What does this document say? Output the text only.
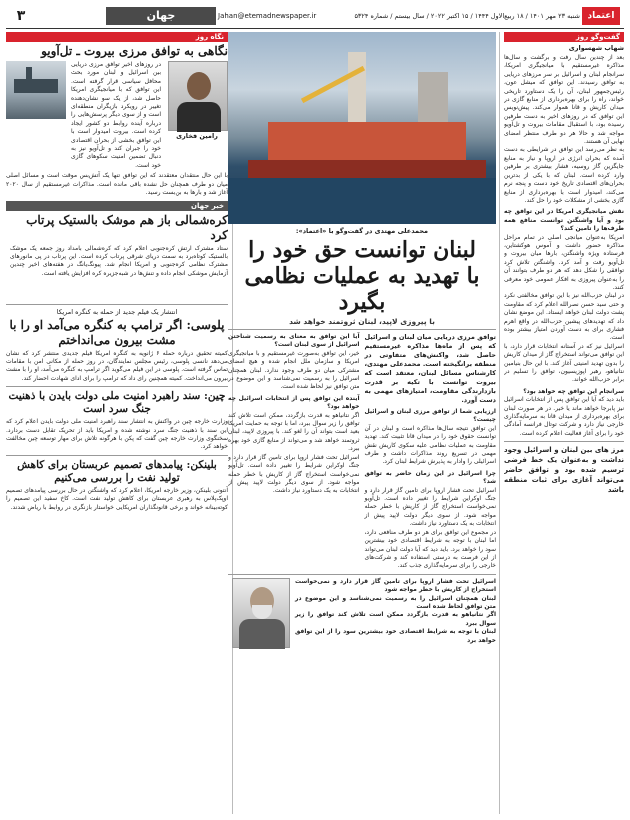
۳	جهان	Jahan@etemadnewspaper.ir	شنبه ۲۳ مهر ۱۴۰۱ / ۱۸ ربیع‌الاول ۱۴۴۴ / ۱۵ اکتبر ۲۰۲۲ / سال بیستم / شماره ۵۳۲۴ اعتماد
گفت‌وگو روز
شهاب شهسواری

بعد از چندین سال رفت و برگشت و سال‌ها مذاکره غیرمستقیم با میانجیگری امریکا، سرانجام لبنان و اسرائیل بر سر مرزهای دریایی به توافق رسیدند. این توافق که میشل عون، رئیس‌جمهور لبنان، آن را یک دستاورد تاریخی خواند، راه را برای بهره‌برداری از منابع گازی در میدان کاریش و قانا هموار می‌کند. پیش‌نویس این توافق که در روزهای اخیر به دست طرفین رسیده بود، با استقبال مقامات بیروت و تل‌آویو مواجه شد و حالا هر دو طرف منتظر امضای نهایی آن هستند.

به نظر می‌رسد این توافق در شرایطی به دست آمده که بحران انرژی در اروپا و نیاز به منابع جایگزین گاز روسیه، فشار بیشتری بر طرفین وارد کرده است. لبنان که با یکی از بدترین بحران‌های اقتصادی تاریخ خود دست و پنجه نرم می‌کند، امیدوار است با بهره‌برداری از منابع گازی بخشی از مشکلات خود را حل کند.

نقش میانجیگری امریکا در این توافق چه بود و آیا واشنگتن توانست منافع همه طرف‌ها را تامین کند؟

امریکا به‌عنوان میانجی اصلی در تمام مراحل مذاکره حضور داشت و آموس هوکشتاین، فرستاده ویژه واشنگتن، بارها میان بیروت و تل‌آویو رفت و آمد کرد. واشنگتن تلاش کرد توافقی را شکل دهد که هر دو طرف بتوانند آن را به‌عنوان پیروزی به افکار عمومی خود معرفی کنند.

در لبنان حزب‌الله نیز با این توافق مخالفتی نکرد و حتی سید حسن نصرالله اعلام کرد که مقاومت پشت دولت لبنان خواهد ایستاد. این موضع نشان داد که تهدیدهای پیشین حزب‌الله در واقع اهرم فشاری برای به دست آوردن امتیاز بیشتر بوده است.

اسرائیل نیز که در آستانه انتخابات قرار دارد، با این توافق می‌تواند استخراج گاز از میدان کاریش را بدون تهدید امنیتی آغاز کند. با این حال بنیامین نتانیاهو، رهبر اپوزیسیون، توافق را تسلیم در برابر حزب‌الله خواند.

سرانجام این توافق چه خواهد بود؟

باید دید که آیا این توافق پس از انتخابات اسرائیل نیز پابرجا خواهد ماند یا خیر. در هر صورت لبنان برای بهره‌برداری از میدان قانا به سرمایه‌گذاری خارجی نیاز دارد و شرکت توتال فرانسه آمادگی خود را برای آغاز فعالیت اعلام کرده است.

مرز های بین لبنان و اسرائیل وجود نداشت و به‌عنوان یک خط فرضی ترسیم شده بود و توافق حاضر می‌تواند آغازی برای ثبات منطقه باشد

محمدعلی مهتدی در گفت‌وگو با «اعتماد»:
لبنان توانست حق خود را
با تهدید به عملیات نظامی بگیرد
با پیروزی لاپید، لبنان ثروتمند خواهد شد

توافق مرزی دریایی میان لبنان و اسرائیل که پس از ماه‌ها مذاکره غیرمستقیم حاصل شد، واکنش‌های متفاوتی در منطقه برانگیخته است. محمدعلی مهتدی، کارشناس مسائل لبنان، معتقد است که بیروت توانست با تکیه بر قدرت بازدارندگی مقاومت، امتیازهای مهمی به دست آورد.

ارزیابی شما از توافق مرزی لبنان و اسرائیل چیست؟

این توافق نتیجه سال‌ها مذاکره است و لبنان در آن توانست حقوق خود را در میدان قانا تثبیت کند. تهدید مقاومت به عملیات نظامی علیه سکوی کاریش نقش مهمی در تسریع روند مذاکرات داشت و طرف اسرائیلی را وادار به پذیرش شرایط لبنان کرد.

چرا اسرائیل در این زمان حاضر به توافق شد؟

اسرائیل تحت فشار اروپا برای تامین گاز قرار دارد و جنگ اوکراین شرایط را تغییر داده است. تل‌آویو نمی‌خواست استخراج گاز از کاریش با خطر حمله مواجه شود. از سوی دیگر دولت لاپید پیش از انتخابات به یک دستاورد نیاز داشت.

در مجموع این توافق برای هر دو طرف منافعی دارد، اما لبنان با توجه به شرایط اقتصادی خود بیشترین سود را خواهد برد. باید دید که آیا دولت لبنان می‌تواند از این فرصت به درستی استفاده کند و شرکت‌های خارجی را برای سرمایه‌گذاری جذب کند.

آیا این توافق به معنای به رسمیت شناختن اسرائیل از سوی لبنان است؟

خیر، این توافق به‌صورت غیرمستقیم و با میانجیگری امریکا و سازمان ملل انجام شده و هیچ امضای مشترکی میان دو طرف وجود ندارد. لبنان همچنان اسرائیل را به رسمیت نمی‌شناسد و این موضوع در متن توافق نیز لحاظ شده است.

آینده این توافق پس از انتخابات اسرائیل چه خواهد بود؟

اگر نتانیاهو به قدرت بازگردد، ممکن است تلاش کند توافق را زیر سوال ببرد، اما با توجه به حمایت امریکا بعید است بتواند آن را لغو کند. با پیروزی لاپید، لبنان ثروتمند خواهد شد و می‌تواند از منابع گازی خود بهره ببرد.

اسرائیل تحت فشار اروپا برای تامین گاز قرار دارد و جنگ اوکراین شرایط را تغییر داده است. تل‌آویو نمی‌خواست استخراج گاز از کاریش با خطر حمله مواجه شود. از سوی دیگر دولت لاپید پیش از انتخابات به یک دستاورد نیاز داشت.

اسرائیل تحت فشار اروپا برای تامین گاز قرار دارد و نمی‌خواست استخراج از کاریش با خطر مواجه شود

لبنان همچنان اسرائیل را به رسمیت نمی‌شناسد و این موضوع در متن توافق لحاظ شده است

اگر نتانیاهو به قدرت بازگردد ممکن است تلاش کند توافق را زیر سوال ببرد

لبنان با توجه به شرایط اقتصادی خود بیشترین سود را از این توافق خواهد برد

نگاه روز
نگاهی به توافق مرزی بیروت ـ تل‌آویو
رامین فخاری

در روزهای اخیر توافق مرزی دریایی بین اسرائیل و لبنان مورد بحث محافل سیاسی قرار گرفته است. این توافق که با میانجیگری امریکا حاصل شد، از یک سو نشان‌دهنده تغییر در رویکرد بازیگران منطقه‌ای است و از سوی دیگر پرسش‌هایی را درباره آینده روابط دو کشور ایجاد کرده است. بیروت امیدوار است با این توافق بخشی از بحران اقتصادی خود را جبران کند و تل‌آویو نیز به دنبال تضمین امنیت سکوهای گازی خود است.

با این حال منتقدان معتقدند که این توافق تنها یک آتش‌بس موقت است و مسائل اصلی میان دو طرف همچنان حل نشده باقی مانده است. مذاکرات غیرمستقیم از سال ۲۰۲۰ آغاز شد و بارها به بن‌بست رسید.

خبر جهان
کره‌شمالی باز هم موشک بالستیک پرتاب کرد

ستاد مشترک ارتش کره‌جنوبی اعلام کرد که کره‌شمالی بامداد روز جمعه یک موشک بالستیک کوتاه‌برد به سمت دریای شرقی پرتاب کرده است. این پرتاب در پی مانورهای مشترک نظامی کره‌جنوبی و امریکا انجام شد. پیونگ‌یانگ در هفته‌های اخیر چندین آزمایش موشکی انجام داده و تنش‌ها در شبه‌جزیره کره افزایش یافته است.

انتشار یک فیلم جدید از حمله به کنگره امریکا
پلوسی: اگر ترامپ به کنگره می‌آمد او را با مشت بیرون می‌انداختم

کمیته تحقیق درباره حمله ۶ ژانویه به کنگره امریکا فیلم جدیدی منتشر کرد که نشان می‌دهد نانسی پلوسی، رئیس مجلس نمایندگان، در روز حمله از مکانی امن با مقامات تماس گرفته است. پلوسی در این فیلم می‌گوید اگر ترامپ به کنگره می‌آمد، او را با مشت بیرون می‌انداخت. کمیته همچنین رای داد که ترامپ را برای ادای شهادت احضار کند.

چین: سند راهبرد امنیت ملی دولت بایدن با ذهنیت جنگ سرد است

وزارت خارجه چین در واکنش به انتشار سند راهبرد امنیت ملی دولت بایدن اعلام کرد که این سند با ذهنیت جنگ سرد نوشته شده و امریکا باید از تحریک تقابل دست بردارد. سخنگوی وزارت خارجه چین گفت که پکن با هرگونه تلاش برای مهار توسعه چین مخالفت خواهد کرد.

بلینکن: پیامدهای تصمیم عربستان برای کاهش تولید نفت را بررسی می‌کنیم

آنتونی بلینکن، وزیر خارجه امریکا، اعلام کرد که واشنگتن در حال بررسی پیامدهای تصمیم اوپک‌پلاس به رهبری عربستان برای کاهش تولید نفت است. کاخ سفید این تصمیم را کوته‌بینانه خواند و برخی قانونگذاران امریکایی خواستار بازنگری در روابط با ریاض شدند.
